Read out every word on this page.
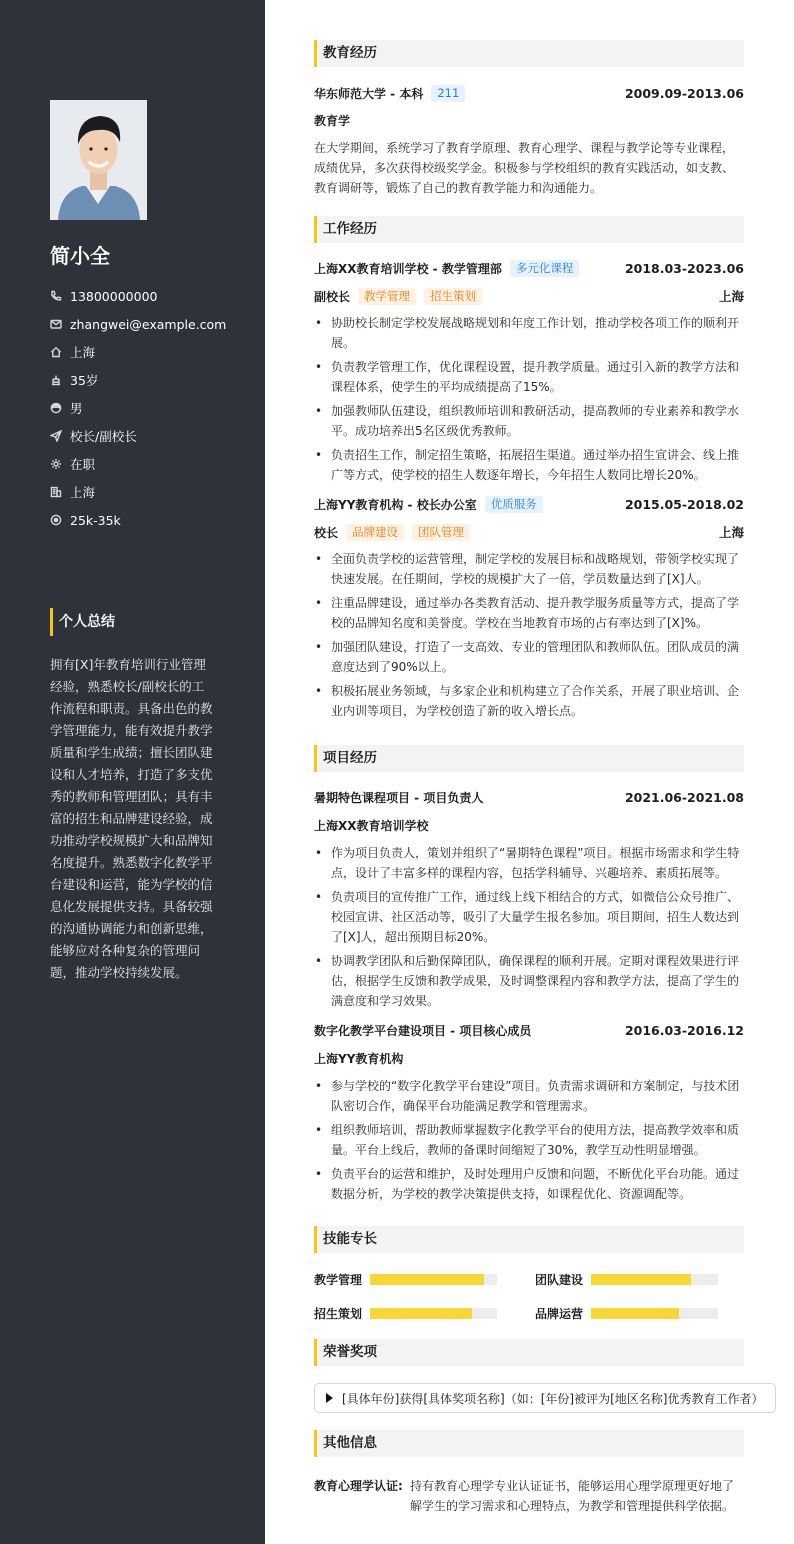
简小全
13800000000
zhangwei@example.com
上海
35岁
男
校长/副校长
在职
上海
25k-35k
个人总结
拥有[X]年教育培训行业管理经验，熟悉校长/副校长的工作流程和职责。具备出色的教学管理能力，能有效提升教学质量和学生成绩；擅长团队建设和人才培养，打造了多支优秀的教师和管理团队；具有丰富的招生和品牌建设经验，成功推动学校规模扩大和品牌知名度提升。熟悉数字化教学平台建设和运营，能为学校的信息化发展提供支持。具备较强的沟通协调能力和创新思维，能够应对各种复杂的管理问题，推动学校持续发展。
教育经历
华东师范大学 - 本科	211	2009.09-2013.06
教育学
在大学期间，系统学习了教育学原理、教育心理学、课程与教学论等专业课程，成绩优异，多次获得校级奖学金。积极参与学校组织的教育实践活动，如支教、教育调研等，锻炼了自己的教育教学能力和沟通能力。
工作经历
上海XX教育培训学校 - 教学管理部	多元化课程	2018.03-2023.06
副校长	教学管理	招生策划	上海
• 协助校长制定学校发展战略规划和年度工作计划，推动学校各项工作的顺利开展。
• 负责教学管理工作，优化课程设置，提升教学质量。通过引入新的教学方法和课程体系，使学生的平均成绩提高了15%。
• 加强教师队伍建设，组织教师培训和教研活动，提高教师的专业素养和教学水平。成功培养出5名区级优秀教师。
• 负责招生工作，制定招生策略，拓展招生渠道。通过举办招生宣讲会、线上推广等方式，使学校的招生人数逐年增长，今年招生人数同比增长20%。
上海YY教育机构 - 校长办公室	优质服务	2015.05-2018.02
校长	品牌建设	团队管理	上海
• 全面负责学校的运营管理，制定学校的发展目标和战略规划，带领学校实现了快速发展。在任期间，学校的规模扩大了一倍，学员数量达到了[X]人。
• 注重品牌建设，通过举办各类教育活动、提升教学服务质量等方式，提高了学校的品牌知名度和美誉度。学校在当地教育市场的占有率达到了[X]%。
• 加强团队建设，打造了一支高效、专业的管理团队和教师队伍。团队成员的满意度达到了90%以上。
• 积极拓展业务领域，与多家企业和机构建立了合作关系，开展了职业培训、企业内训等项目，为学校创造了新的收入增长点。
项目经历
暑期特色课程项目 - 项目负责人	2021.06-2021.08
上海XX教育培训学校
• 作为项目负责人，策划并组织了“暑期特色课程”项目。根据市场需求和学生特点，设计了丰富多样的课程内容，包括学科辅导、兴趣培养、素质拓展等。
• 负责项目的宣传推广工作，通过线上线下相结合的方式，如微信公众号推广、校园宣讲、社区活动等，吸引了大量学生报名参加。项目期间，招生人数达到了[X]人，超出预期目标20%。
• 协调教学团队和后勤保障团队，确保课程的顺利开展。定期对课程效果进行评估，根据学生反馈和教学成果，及时调整课程内容和教学方法，提高了学生的满意度和学习效果。
数字化教学平台建设项目 - 项目核心成员	2016.03-2016.12
上海YY教育机构
• 参与学校的“数字化教学平台建设”项目。负责需求调研和方案制定，与技术团队密切合作，确保平台功能满足教学和管理需求。
• 组织教师培训，帮助教师掌握数字化教学平台的使用方法，提高教学效率和质量。平台上线后，教师的备课时间缩短了30%，教学互动性明显增强。
• 负责平台的运营和维护，及时处理用户反馈和问题，不断优化平台功能。通过数据分析，为学校的教学决策提供支持，如课程优化、资源调配等。
技能专长
教学管理	团队建设
招生策划	品牌运营
荣誉奖项
[具体年份]获得[具体奖项名称]（如：[年份]被评为[地区名称]优秀教育工作者）
其他信息
教育心理学认证: 持有教育心理学专业认证证书，能够运用心理学原理更好地了解学生的学习需求和心理特点，为教学和管理提供科学依据。
